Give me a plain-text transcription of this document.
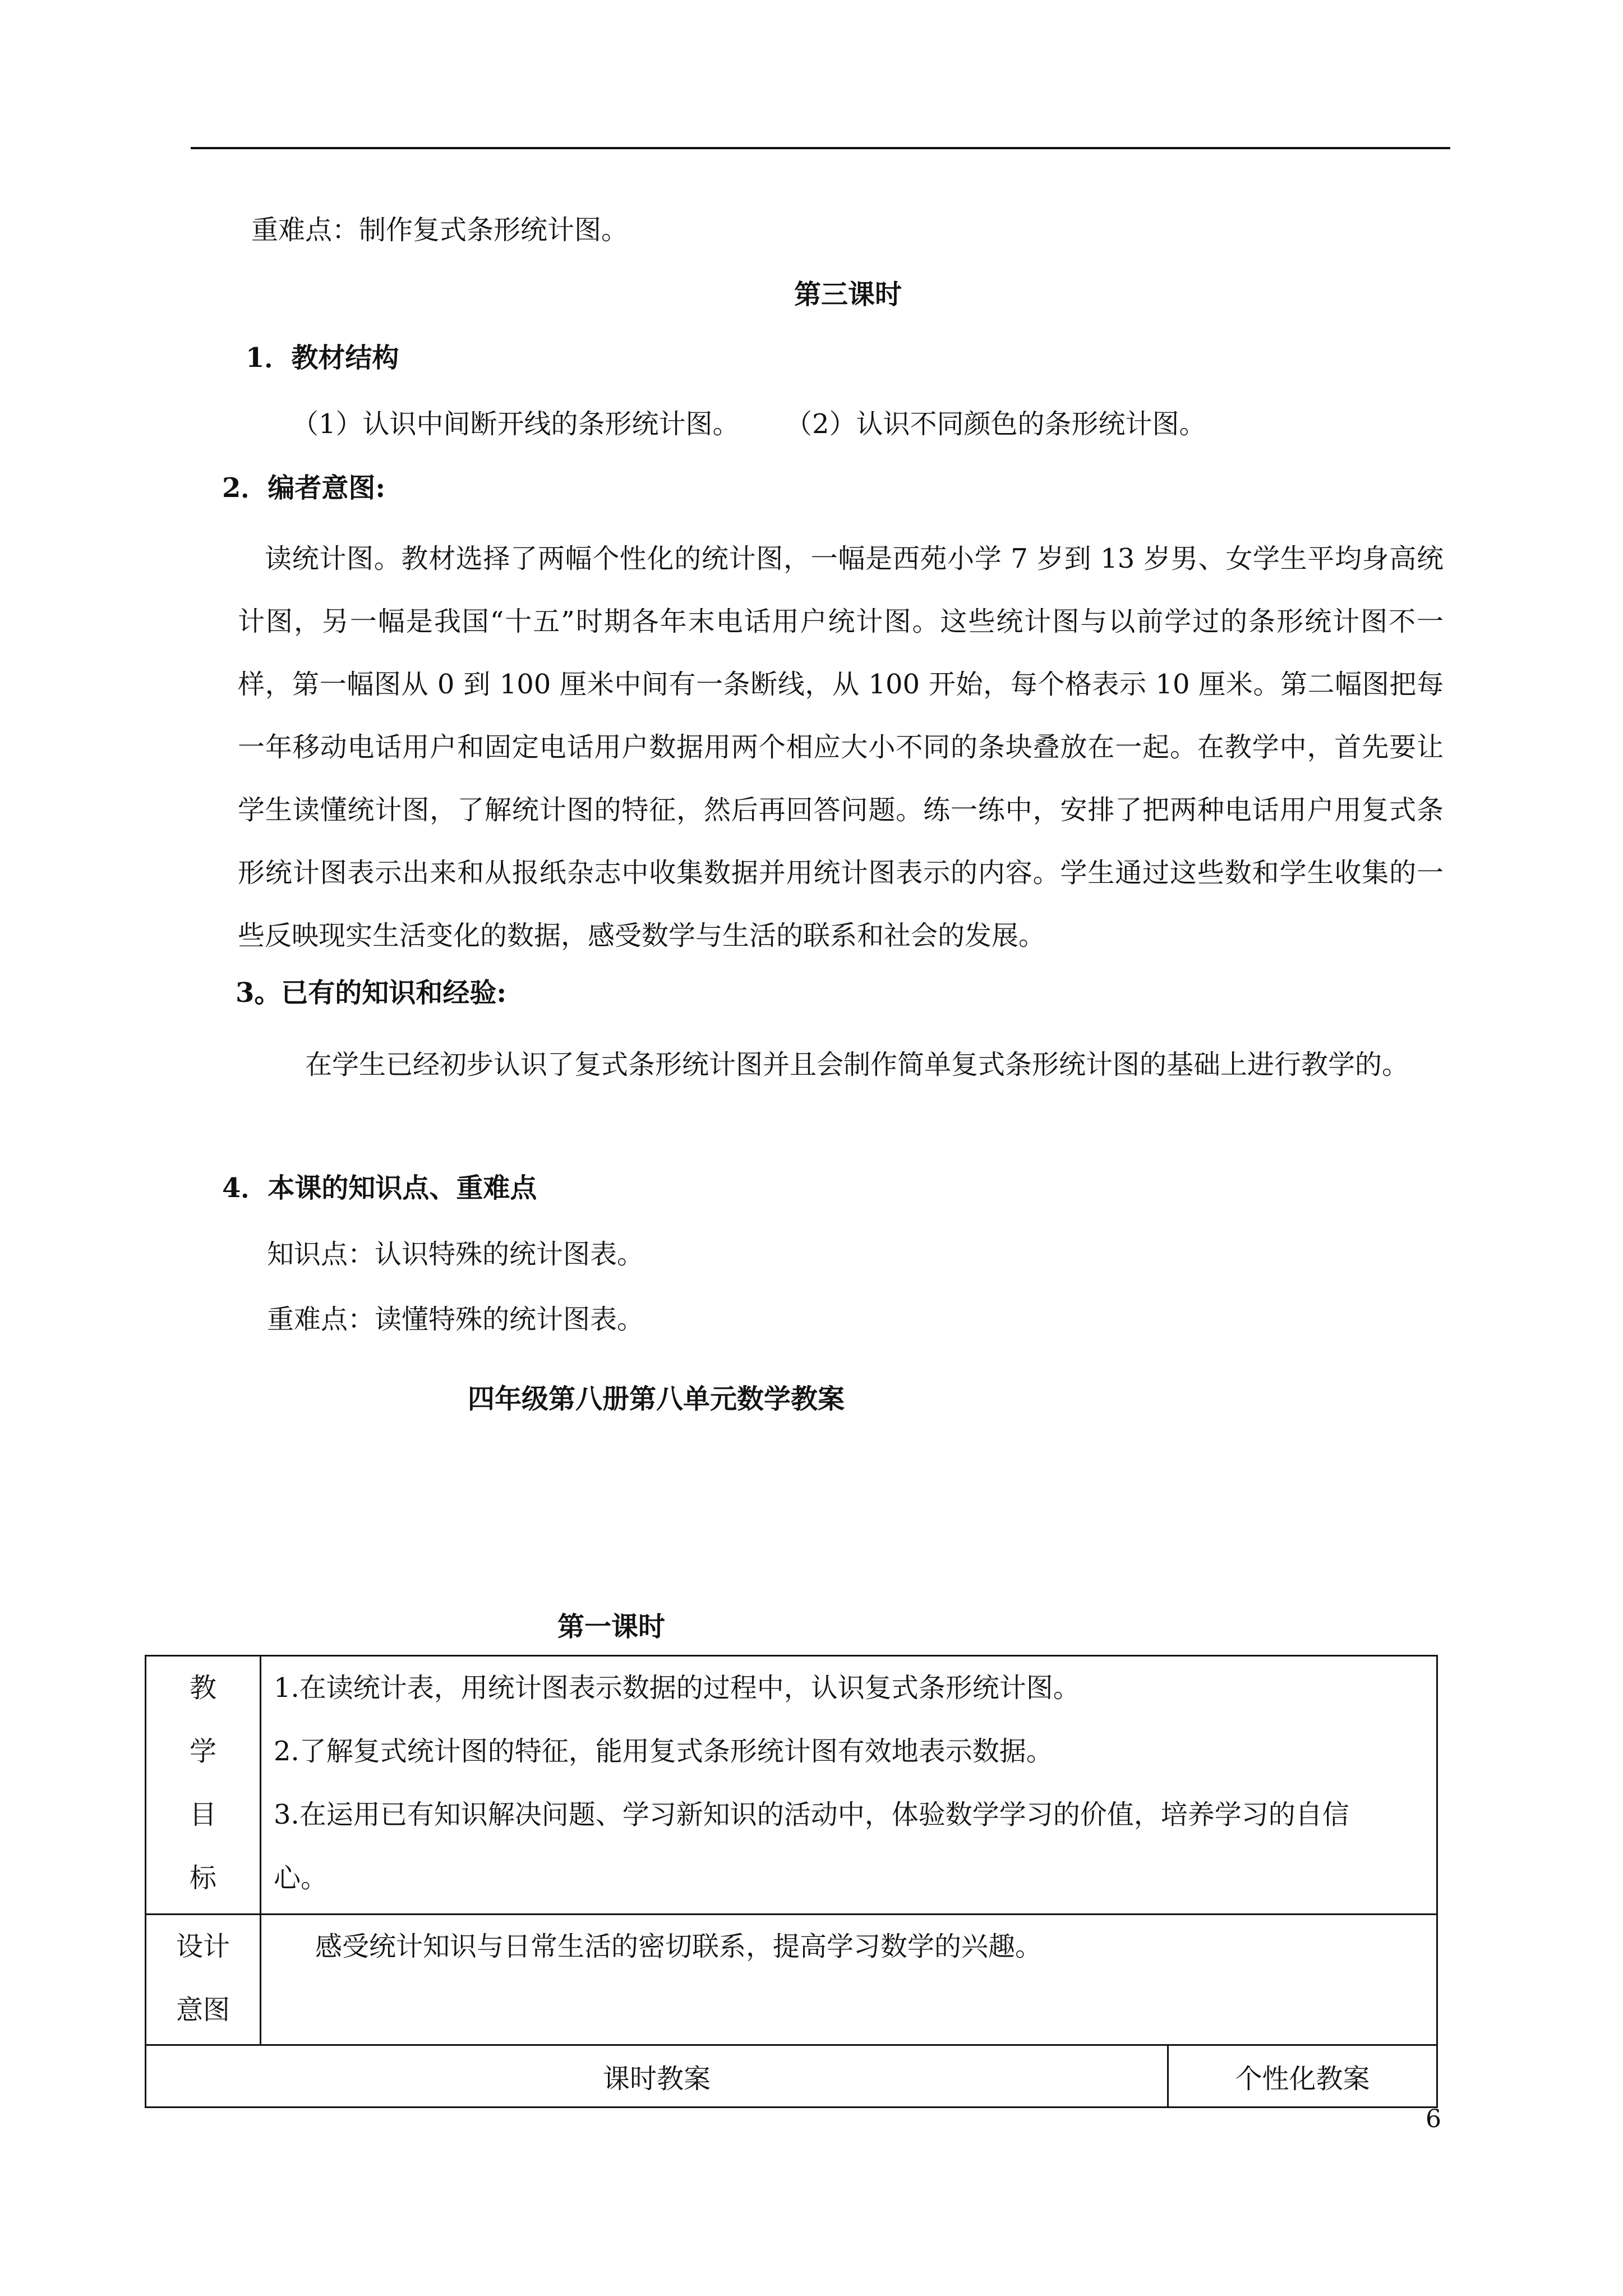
重难点：制作复式条形统计图。
第三课时
1．教材结构
（1）认识中间断开线的条形统计图。 （2）认识不同颜色的条形统计图。
2．编者意图:
读统计图。教材选择了两幅个性化的统计图，一幅是西苑小学 7 岁到 13 岁男、女学生平均身高统计图，另一幅是我国“十五”时期各年末电话用户统计图。这些统计图与以前学过的条形统计图不一样，第一幅图从 0 到 100 厘米中间有一条断线，从 100 开始，每个格表示 10 厘米。第二幅图把每一年移动电话用户和固定电话用户数据用两个相应大小不同的条块叠放在一起。在教学中，首先要让学生读懂统计图，了解统计图的特征，然后再回答问题。练一练中，安排了把两种电话用户用复式条形统计图表示出来和从报纸杂志中收集数据并用统计图表示的内容。学生通过这些数和学生收集的一些反映现实生活变化的数据，感受数学与生活的联系和社会的发展。
3。已有的知识和经验:
在学生已经初步认识了复式条形统计图并且会制作简单复式条形统计图的基础上进行教学的。
4．本课的知识点、重难点
知识点：认识特殊的统计图表。
重难点：读懂特殊的统计图表。
四年级第八册第八单元数学教案
第一课时
教
学
目
标	1.在读统计表，用统计图表示数据的过程中，认识复式条形统计图。
2.了解复式统计图的特征，能用复式条形统计图有效地表示数据。
3.在运用已有知识解决问题、学习新知识的活动中，体验数学学习的价值，培养学习的自信
心。

设计
意图	感受统计知识与日常生活的密切联系，提高学习数学的兴趣。
课时教案	个性化教案
6
